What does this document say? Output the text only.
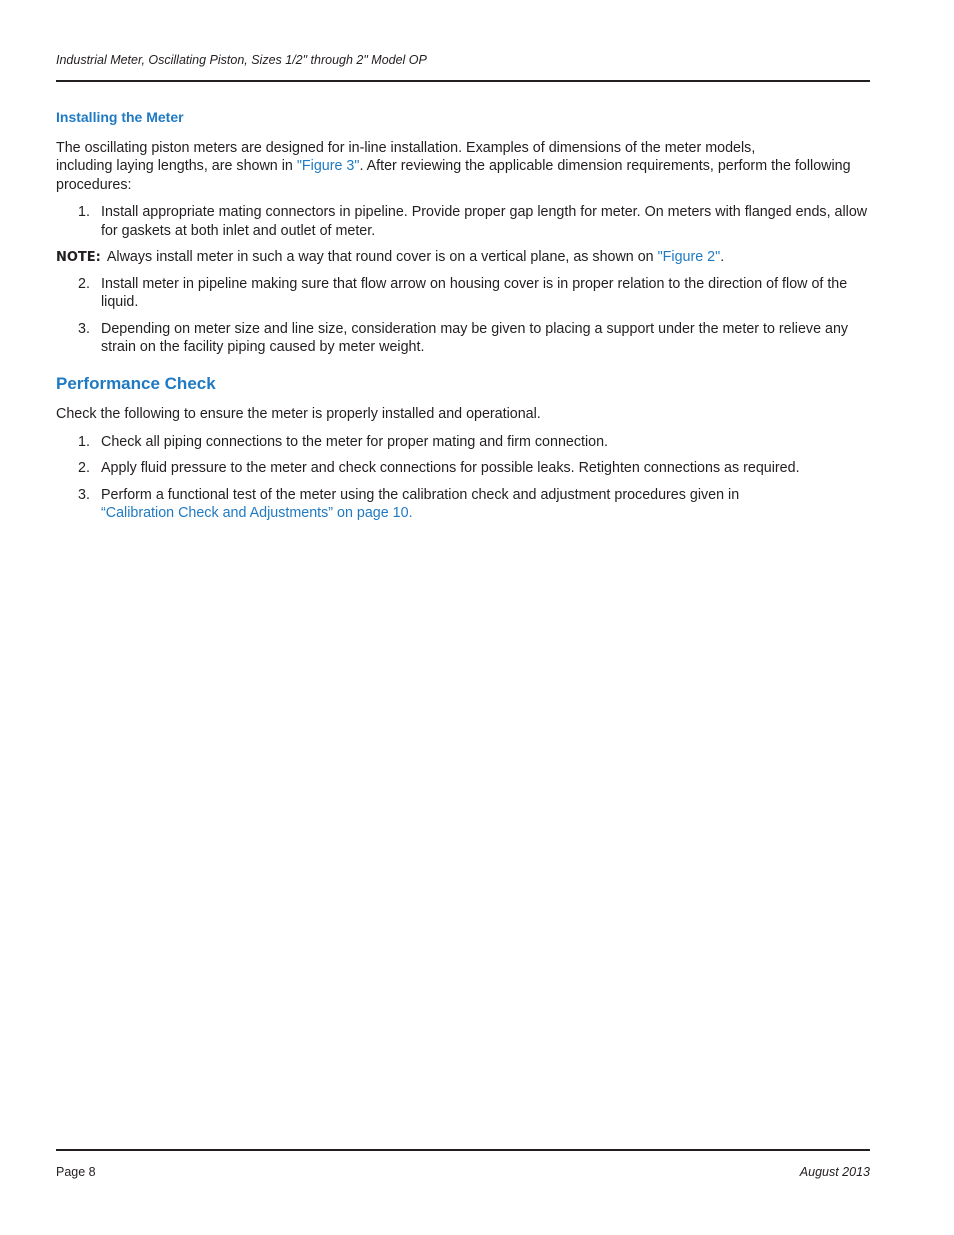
Industrial Meter, Oscillating Piston, Sizes 1/2" through 2" Model OP
Installing the Meter

The oscillating piston meters are designed for in-line installation. Examples of dimensions of the meter models,
including laying lengths, are shown in "Figure 3". After reviewing the applicable dimension requirements, perform the following procedures:

1. Install appropriate mating connectors in pipeline. Provide proper gap length for meter. On meters with flanged ends, allow for gaskets at both inlet and outlet of meter.
NOTE: Always install meter in such a way that round cover is on a vertical plane, as shown on "Figure 2".
2. Install meter in pipeline making sure that flow arrow on housing cover is in proper relation to the direction of flow of the liquid.
3. Depending on meter size and line size, consideration may be given to placing a support under the meter to relieve any strain on the facility piping caused by meter weight.
Performance Check

Check the following to ensure the meter is properly installed and operational.

1. Check all piping connections to the meter for proper mating and firm connection.
2. Apply fluid pressure to the meter and check connections for possible leaks. Retighten connections as required.
3. Perform a functional test of the meter using the calibration check and adjustment procedures given in
“Calibration Check and Adjustments” on page 10.
Page 8	August 2013
